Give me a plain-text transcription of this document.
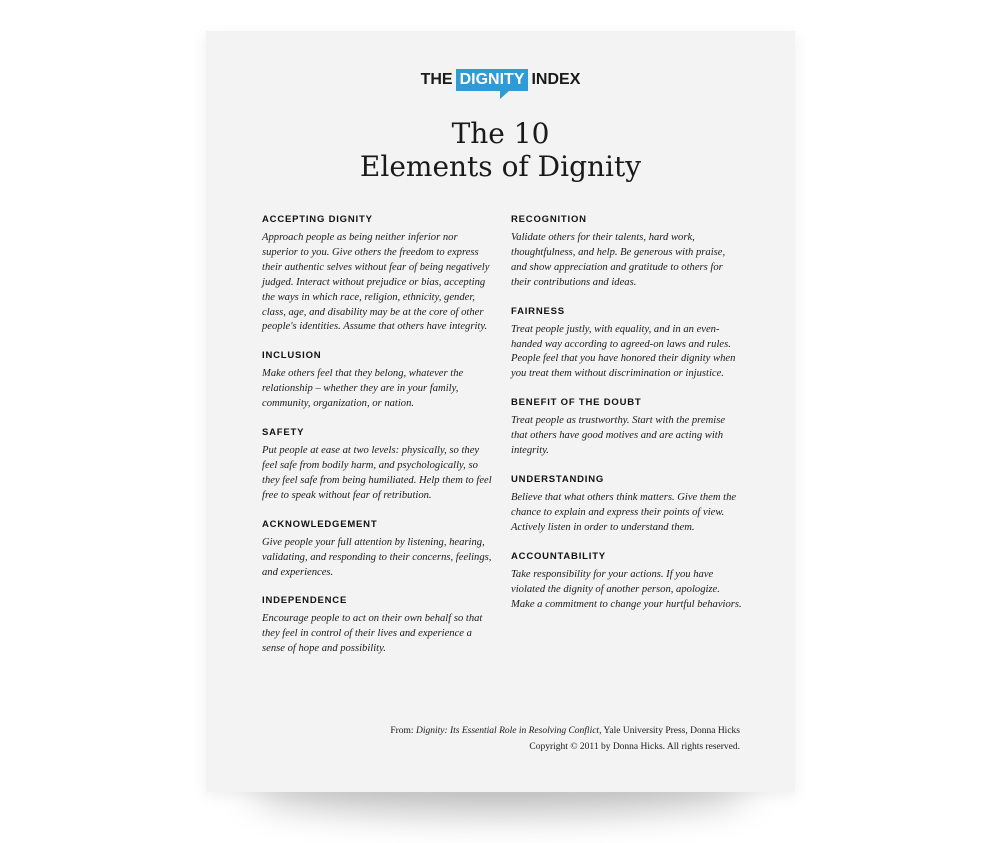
THE DIGNITY INDEX
The 10
Elements of Dignity
ACCEPTING DIGNITY
Approach people as being neither inferior nor superior to you. Give others the freedom to express their authentic selves without fear of being negatively judged. Interact without prejudice or bias, accepting the ways in which race, religion, ethnicity, gender, class, age, and disability may be at the core of other people's identities. Assume that others have integrity.
INCLUSION
Make others feel that they belong, whatever the relationship – whether they are in your family, community, organization, or nation.
SAFETY
Put people at ease at two levels: physically, so they feel safe from bodily harm, and psychologically, so they feel safe from being humiliated. Help them to feel free to speak without fear of retribution.
ACKNOWLEDGEMENT
Give people your full attention by listening, hearing, validating, and responding to their concerns, feelings, and experiences.
INDEPENDENCE
Encourage people to act on their own behalf so that they feel in control of their lives and experience a sense of hope and possibility.
RECOGNITION
Validate others for their talents, hard work, thoughtfulness, and help. Be generous with praise, and show appreciation and gratitude to others for their contributions and ideas.
FAIRNESS
Treat people justly, with equality, and in an even-handed way according to agreed-on laws and rules. People feel that you have honored their dignity when you treat them without discrimination or injustice.
BENEFIT OF THE DOUBT
Treat people as trustworthy. Start with the premise that others have good motives and are acting with integrity.
UNDERSTANDING
Believe that what others think matters. Give them the chance to explain and express their points of view. Actively listen in order to understand them.
ACCOUNTABILITY
Take responsibility for your actions. If you have violated the dignity of another person, apologize. Make a commitment to change your hurtful behaviors.
From: Dignity: Its Essential Role in Resolving Conflict, Yale University Press, Donna Hicks
Copyright © 2011 by Donna Hicks. All rights reserved.
